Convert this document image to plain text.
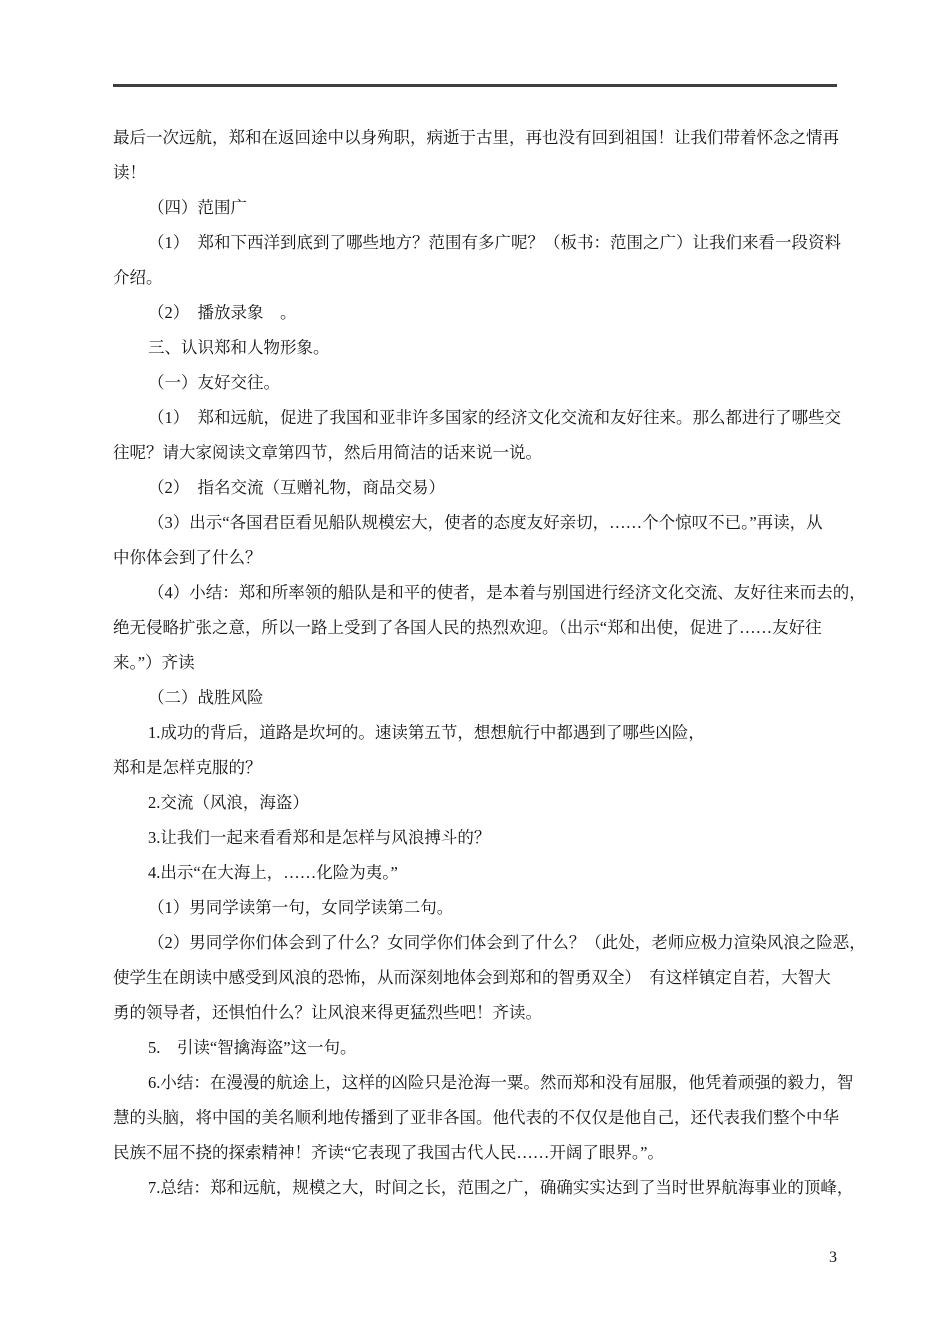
最后一次远航，郑和在返回途中以身殉职，病逝于古里，再也没有回到祖国！让我们带着怀念之情再
读！
（四）范围广
（1）　郑和下西洋到底到了哪些地方？范围有多广呢？（板书：范围之广）让我们来看一段资料
介绍。
（2）　播放录象　。
三、认识郑和人物形象。
（一）友好交往。
（1）　郑和远航，促进了我国和亚非许多国家的经济文化交流和友好往来。那么都进行了哪些交
往呢？请大家阅读文章第四节，然后用简洁的话来说一说。
（2）　指名交流（互赠礼物，商品交易）
（3）出示“各国君臣看见船队规模宏大，使者的态度友好亲切，……个个惊叹不已。”再读，从
中你体会到了什么？
（4）小结：郑和所率领的船队是和平的使者，是本着与别国进行经济文化交流、友好往来而去的，
绝无侵略扩张之意，所以一路上受到了各国人民的热烈欢迎。（出示“郑和出使，促进了……友好往
来。”）齐读
（二）战胜风险
1.成功的背后，道路是坎坷的。速读第五节，想想航行中都遇到了哪些凶险，
郑和是怎样克服的？
2.交流（风浪，海盗）
3.让我们一起来看看郑和是怎样与风浪搏斗的？
4.出示“在大海上，……化险为夷。”
（1）男同学读第一句，女同学读第二句。
（2）男同学你们体会到了什么？女同学你们体会到了什么？（此处，老师应极力渲染风浪之险恶，
使学生在朗读中感受到风浪的恐怖，从而深刻地体会到郑和的智勇双全）　有这样镇定自若，大智大
勇的领导者，还惧怕什么？让风浪来得更猛烈些吧！齐读。
5.　引读“智擒海盗”这一句。
6.小结：在漫漫的航途上，这样的凶险只是沧海一粟。然而郑和没有屈服，他凭着顽强的毅力，智
慧的头脑，将中国的美名顺利地传播到了亚非各国。他代表的不仅仅是他自己，还代表我们整个中华
民族不屈不挠的探索精神！齐读“它表现了我国古代人民……开阔了眼界。”。
7.总结：郑和远航，规模之大，时间之长，范围之广，确确实实达到了当时世界航海事业的顶峰，
3
